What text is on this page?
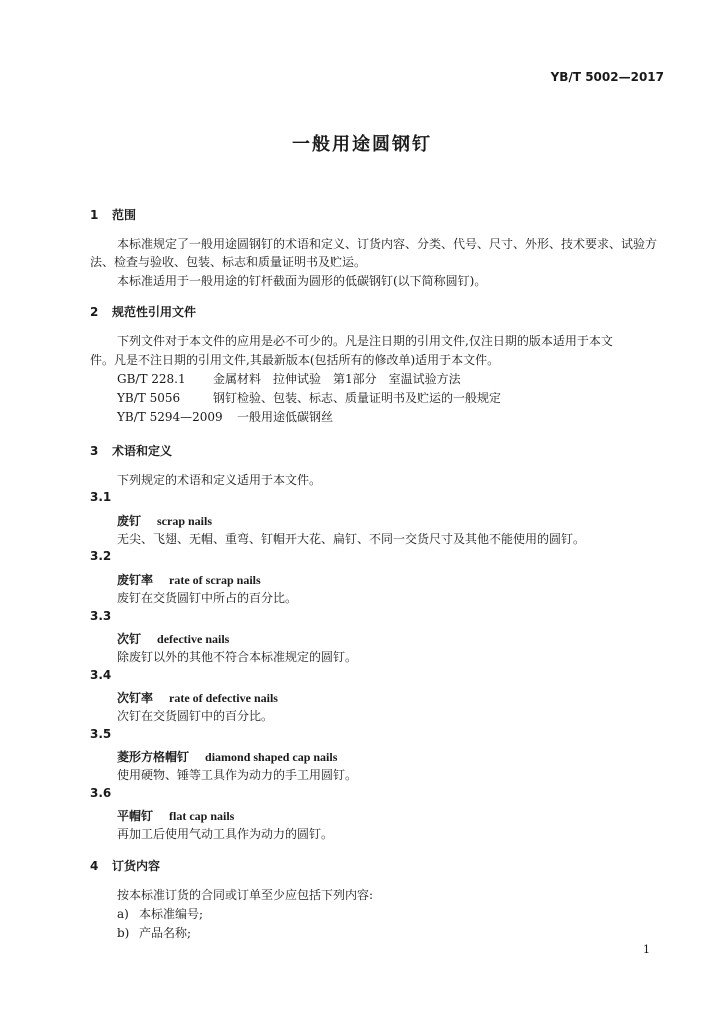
YB/T 5002—2017
一般用途圆钢钉
1 范围
本标准规定了一般用途圆钢钉的术语和定义、订货内容、分类、代号、尺寸、外形、技术要求、试验方
法、检查与验收、包装、标志和质量证明书及贮运。
本标准适用于一般用途的钉杆截面为圆形的低碳钢钉(以下简称圆钉)。
2 规范性引用文件
下列文件对于本文件的应用是必不可少的。凡是注日期的引用文件,仅注日期的版本适用于本文
件。凡是不注日期的引用文件,其最新版本(包括所有的修改单)适用于本文件。
GB/T 228.1 金属材料　拉伸试验　第1部分　室温试验方法
YB/T 5056	钢钉检验、包装、标志、质量证明书及贮运的一般规定
YB/T 5294—2009 一般用途低碳钢丝
3 术语和定义
下列规定的术语和定义适用于本文件。
3.1
废钉 scrap nails
无尖、飞翅、无帽、重弯、钉帽开大花、扁钉、不同一交货尺寸及其他不能使用的圆钉。
3.2
废钉率 rate of scrap nails
废钉在交货圆钉中所占的百分比。
3.3
次钉 defective nails
除废钉以外的其他不符合本标准规定的圆钉。
3.4
次钉率 rate of defective nails
次钉在交货圆钉中的百分比。
3.5
菱形方格帽钉 diamond shaped cap nails
使用硬物、锤等工具作为动力的手工用圆钉。
3.6
平帽钉 flat cap nails
再加工后使用气动工具作为动力的圆钉。
4 订货内容
按本标准订货的合同或订单至少应包括下列内容:
a) 本标准编号;
b) 产品名称;
1
